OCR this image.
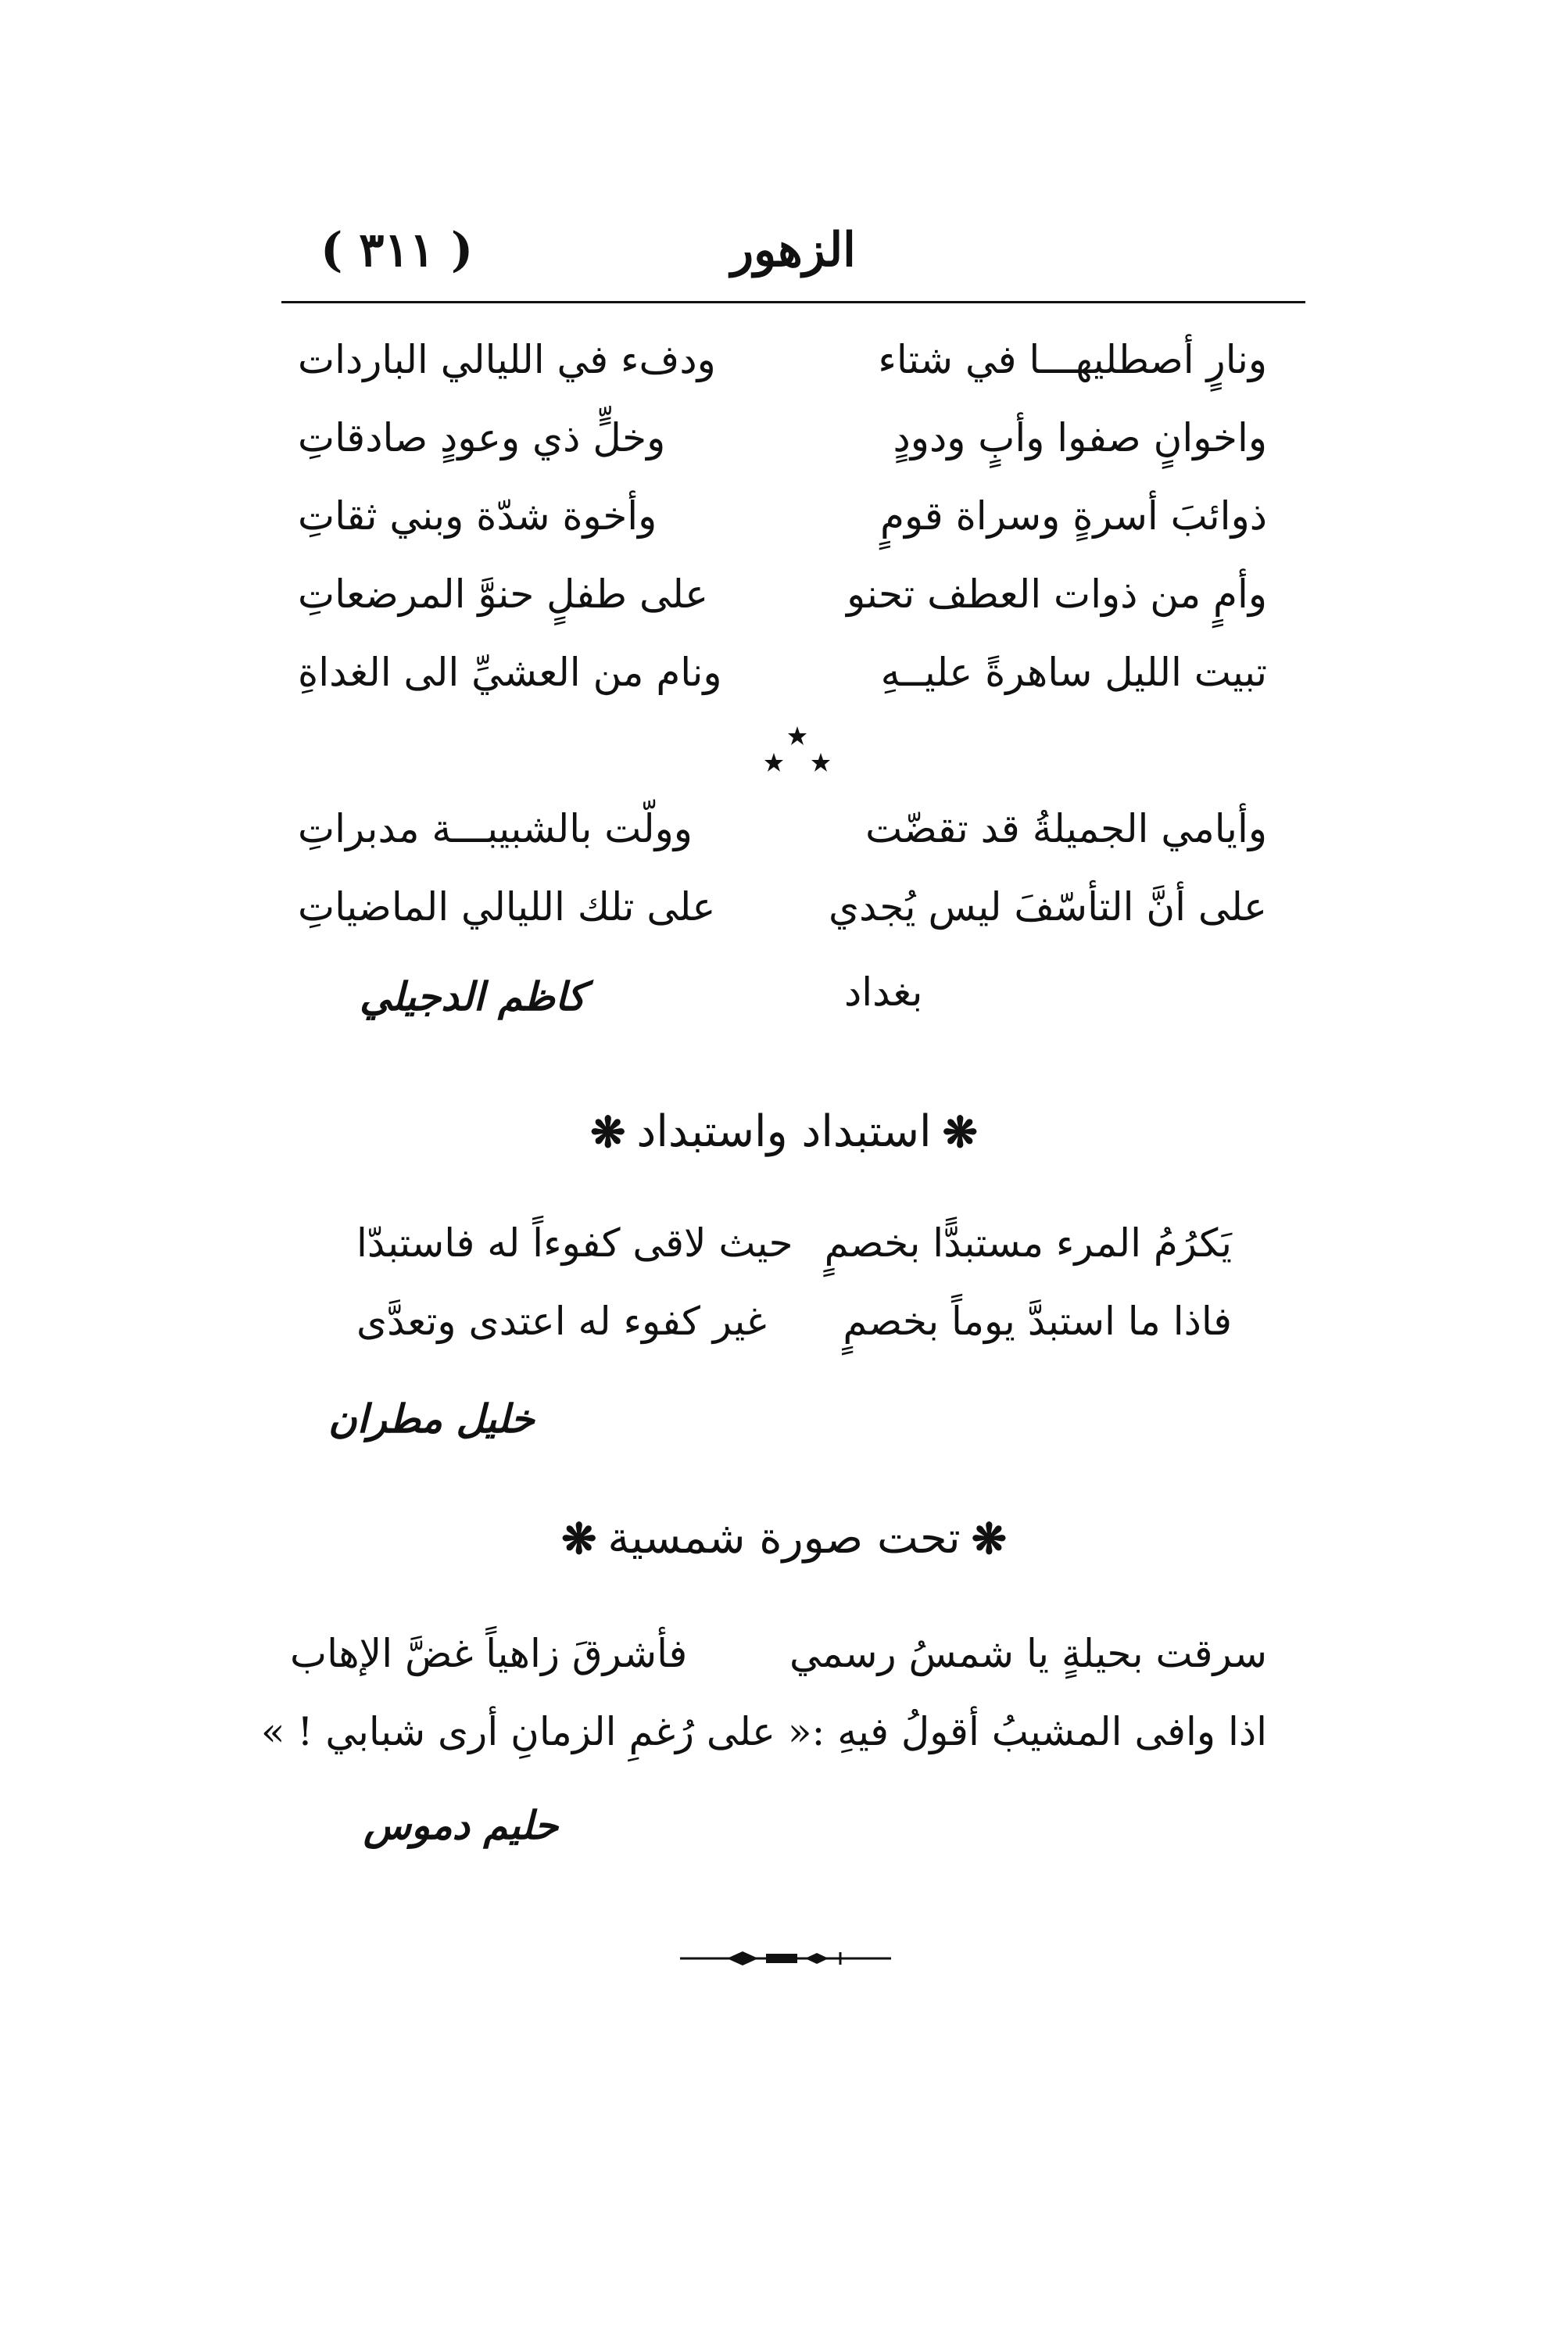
الزهور
( ٣١١ )
ونارٍ أصطليهـــا في شتاء
ودفء في الليالي الباردات
واخوانٍ صفوا وأبٍ ودودٍ
وخلٍّ ذي وعودٍ صادقاتِ
ذوائبَ أسرةٍ وسراة قومٍ
وأخوة شدّة وبني ثقاتِ
وأمٍ من ذوات العطف تحنو
على طفلٍ حنوَّ المرضعاتِ
تبيت الليل ساهرةً عليــهِ
ونام من العشيِّ الى الغداةِ
وأيامي الجميلةُ قد تقضّت
وولّت بالشبيبـــة مدبراتِ
على أنَّ التأسّفَ ليس يُجدي
على تلك الليالي الماضياتِ
بغداد
كاظم الدجيلي
❋
استبداد واستبداد
❋
يَكرُمُ المرء مستبدًّا بخصمٍ
حيث لاقى كفوءاً له فاستبدّا
فاذا ما استبدَّ يوماً بخصمٍ
غير كفوء له اعتدى وتعدَّى
خليل مطران
❋
تحت صورة شمسية
❋
سرقت بحيلةٍ يا شمسُ رسمي
فأشرقَ زاهياً غضَّ الإهاب
اذا وافى المشيبُ أقولُ فيهِ :
« على رُغمِ الزمانِ أرى شبابي ! »
حليم دموس
